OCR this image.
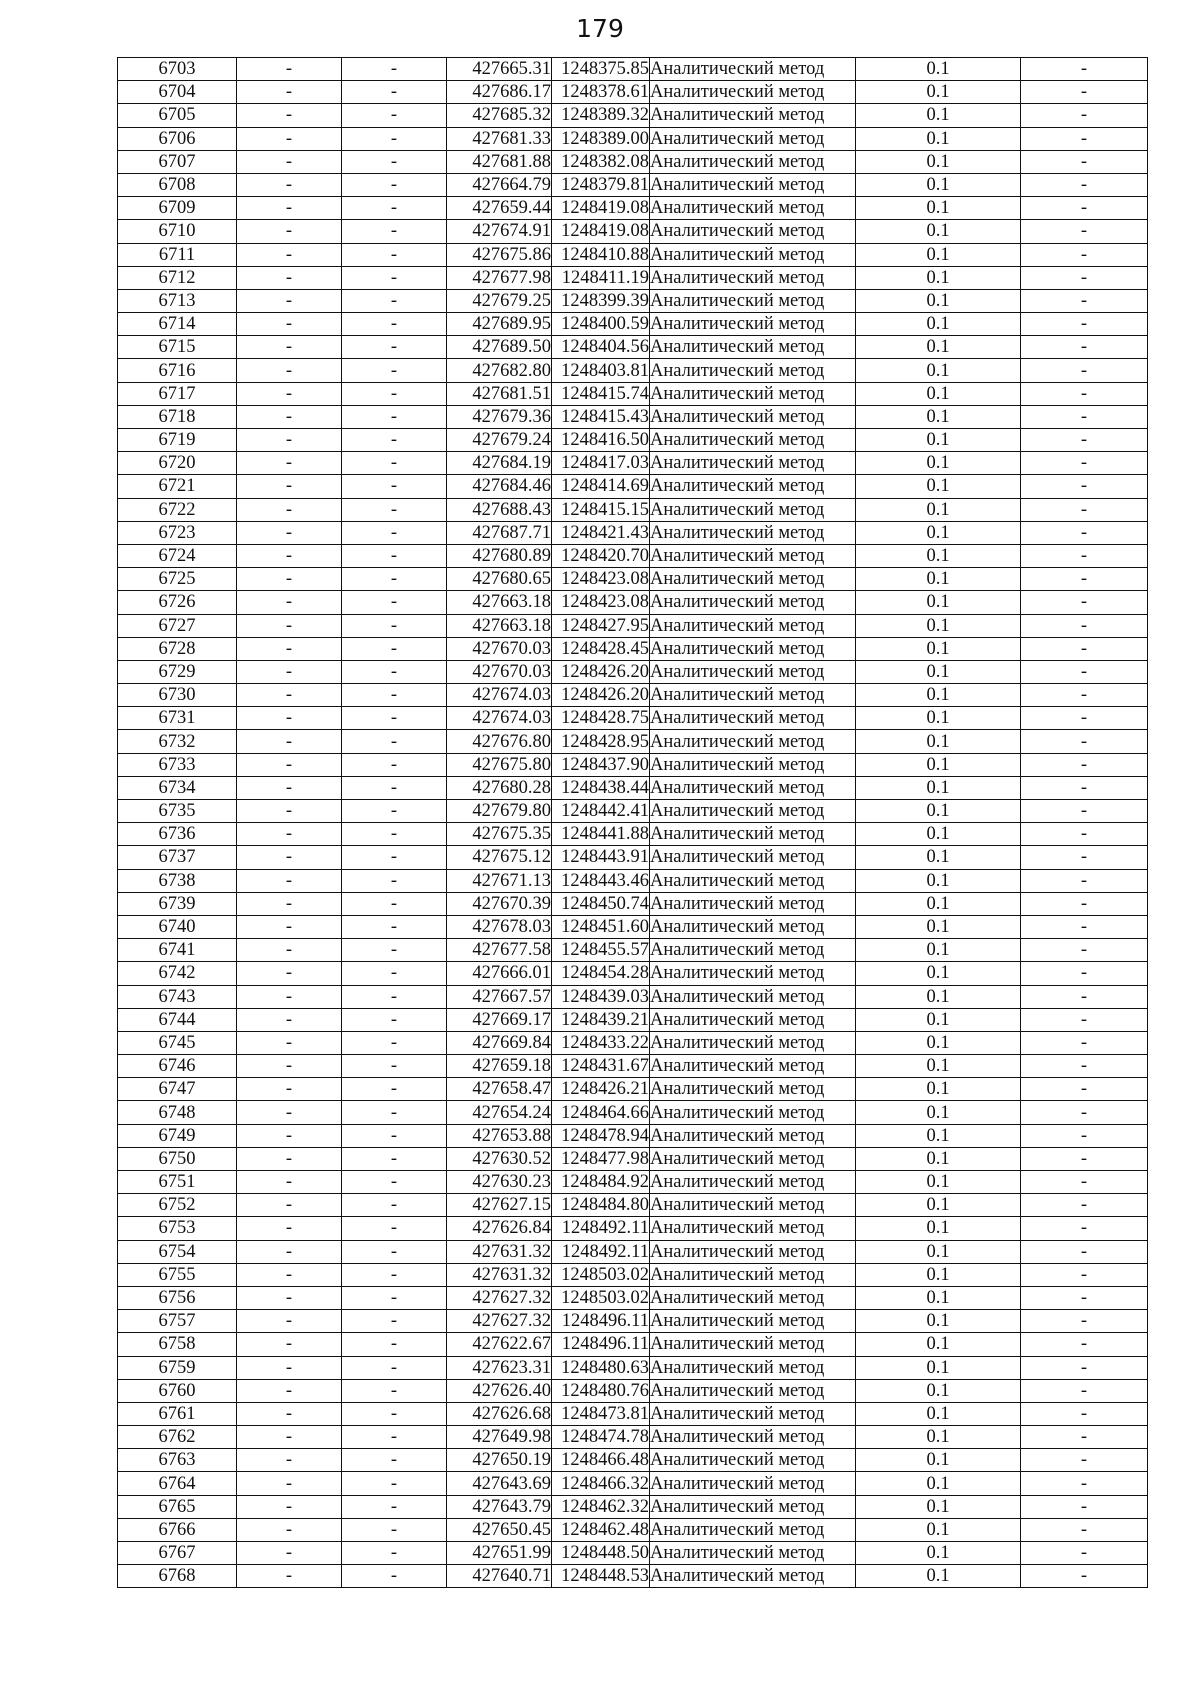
179
6703	-	-	427665.31	1248375.85	Аналитический метод	0.1	-
6704	-	-	427686.17	1248378.61	Аналитический метод	0.1	-
6705	-	-	427685.32	1248389.32	Аналитический метод	0.1	-
6706	-	-	427681.33	1248389.00	Аналитический метод	0.1	-
6707	-	-	427681.88	1248382.08	Аналитический метод	0.1	-
6708	-	-	427664.79	1248379.81	Аналитический метод	0.1	-
6709	-	-	427659.44	1248419.08	Аналитический метод	0.1	-
6710	-	-	427674.91	1248419.08	Аналитический метод	0.1	-
6711	-	-	427675.86	1248410.88	Аналитический метод	0.1	-
6712	-	-	427677.98	1248411.19	Аналитический метод	0.1	-
6713	-	-	427679.25	1248399.39	Аналитический метод	0.1	-
6714	-	-	427689.95	1248400.59	Аналитический метод	0.1	-
6715	-	-	427689.50	1248404.56	Аналитический метод	0.1	-
6716	-	-	427682.80	1248403.81	Аналитический метод	0.1	-
6717	-	-	427681.51	1248415.74	Аналитический метод	0.1	-
6718	-	-	427679.36	1248415.43	Аналитический метод	0.1	-
6719	-	-	427679.24	1248416.50	Аналитический метод	0.1	-
6720	-	-	427684.19	1248417.03	Аналитический метод	0.1	-
6721	-	-	427684.46	1248414.69	Аналитический метод	0.1	-
6722	-	-	427688.43	1248415.15	Аналитический метод	0.1	-
6723	-	-	427687.71	1248421.43	Аналитический метод	0.1	-
6724	-	-	427680.89	1248420.70	Аналитический метод	0.1	-
6725	-	-	427680.65	1248423.08	Аналитический метод	0.1	-
6726	-	-	427663.18	1248423.08	Аналитический метод	0.1	-
6727	-	-	427663.18	1248427.95	Аналитический метод	0.1	-
6728	-	-	427670.03	1248428.45	Аналитический метод	0.1	-
6729	-	-	427670.03	1248426.20	Аналитический метод	0.1	-
6730	-	-	427674.03	1248426.20	Аналитический метод	0.1	-
6731	-	-	427674.03	1248428.75	Аналитический метод	0.1	-
6732	-	-	427676.80	1248428.95	Аналитический метод	0.1	-
6733	-	-	427675.80	1248437.90	Аналитический метод	0.1	-
6734	-	-	427680.28	1248438.44	Аналитический метод	0.1	-
6735	-	-	427679.80	1248442.41	Аналитический метод	0.1	-
6736	-	-	427675.35	1248441.88	Аналитический метод	0.1	-
6737	-	-	427675.12	1248443.91	Аналитический метод	0.1	-
6738	-	-	427671.13	1248443.46	Аналитический метод	0.1	-
6739	-	-	427670.39	1248450.74	Аналитический метод	0.1	-
6740	-	-	427678.03	1248451.60	Аналитический метод	0.1	-
6741	-	-	427677.58	1248455.57	Аналитический метод	0.1	-
6742	-	-	427666.01	1248454.28	Аналитический метод	0.1	-
6743	-	-	427667.57	1248439.03	Аналитический метод	0.1	-
6744	-	-	427669.17	1248439.21	Аналитический метод	0.1	-
6745	-	-	427669.84	1248433.22	Аналитический метод	0.1	-
6746	-	-	427659.18	1248431.67	Аналитический метод	0.1	-
6747	-	-	427658.47	1248426.21	Аналитический метод	0.1	-
6748	-	-	427654.24	1248464.66	Аналитический метод	0.1	-
6749	-	-	427653.88	1248478.94	Аналитический метод	0.1	-
6750	-	-	427630.52	1248477.98	Аналитический метод	0.1	-
6751	-	-	427630.23	1248484.92	Аналитический метод	0.1	-
6752	-	-	427627.15	1248484.80	Аналитический метод	0.1	-
6753	-	-	427626.84	1248492.11	Аналитический метод	0.1	-
6754	-	-	427631.32	1248492.11	Аналитический метод	0.1	-
6755	-	-	427631.32	1248503.02	Аналитический метод	0.1	-
6756	-	-	427627.32	1248503.02	Аналитический метод	0.1	-
6757	-	-	427627.32	1248496.11	Аналитический метод	0.1	-
6758	-	-	427622.67	1248496.11	Аналитический метод	0.1	-
6759	-	-	427623.31	1248480.63	Аналитический метод	0.1	-
6760	-	-	427626.40	1248480.76	Аналитический метод	0.1	-
6761	-	-	427626.68	1248473.81	Аналитический метод	0.1	-
6762	-	-	427649.98	1248474.78	Аналитический метод	0.1	-
6763	-	-	427650.19	1248466.48	Аналитический метод	0.1	-
6764	-	-	427643.69	1248466.32	Аналитический метод	0.1	-
6765	-	-	427643.79	1248462.32	Аналитический метод	0.1	-
6766	-	-	427650.45	1248462.48	Аналитический метод	0.1	-
6767	-	-	427651.99	1248448.50	Аналитический метод	0.1	-
6768	-	-	427640.71	1248448.53	Аналитический метод	0.1	-
